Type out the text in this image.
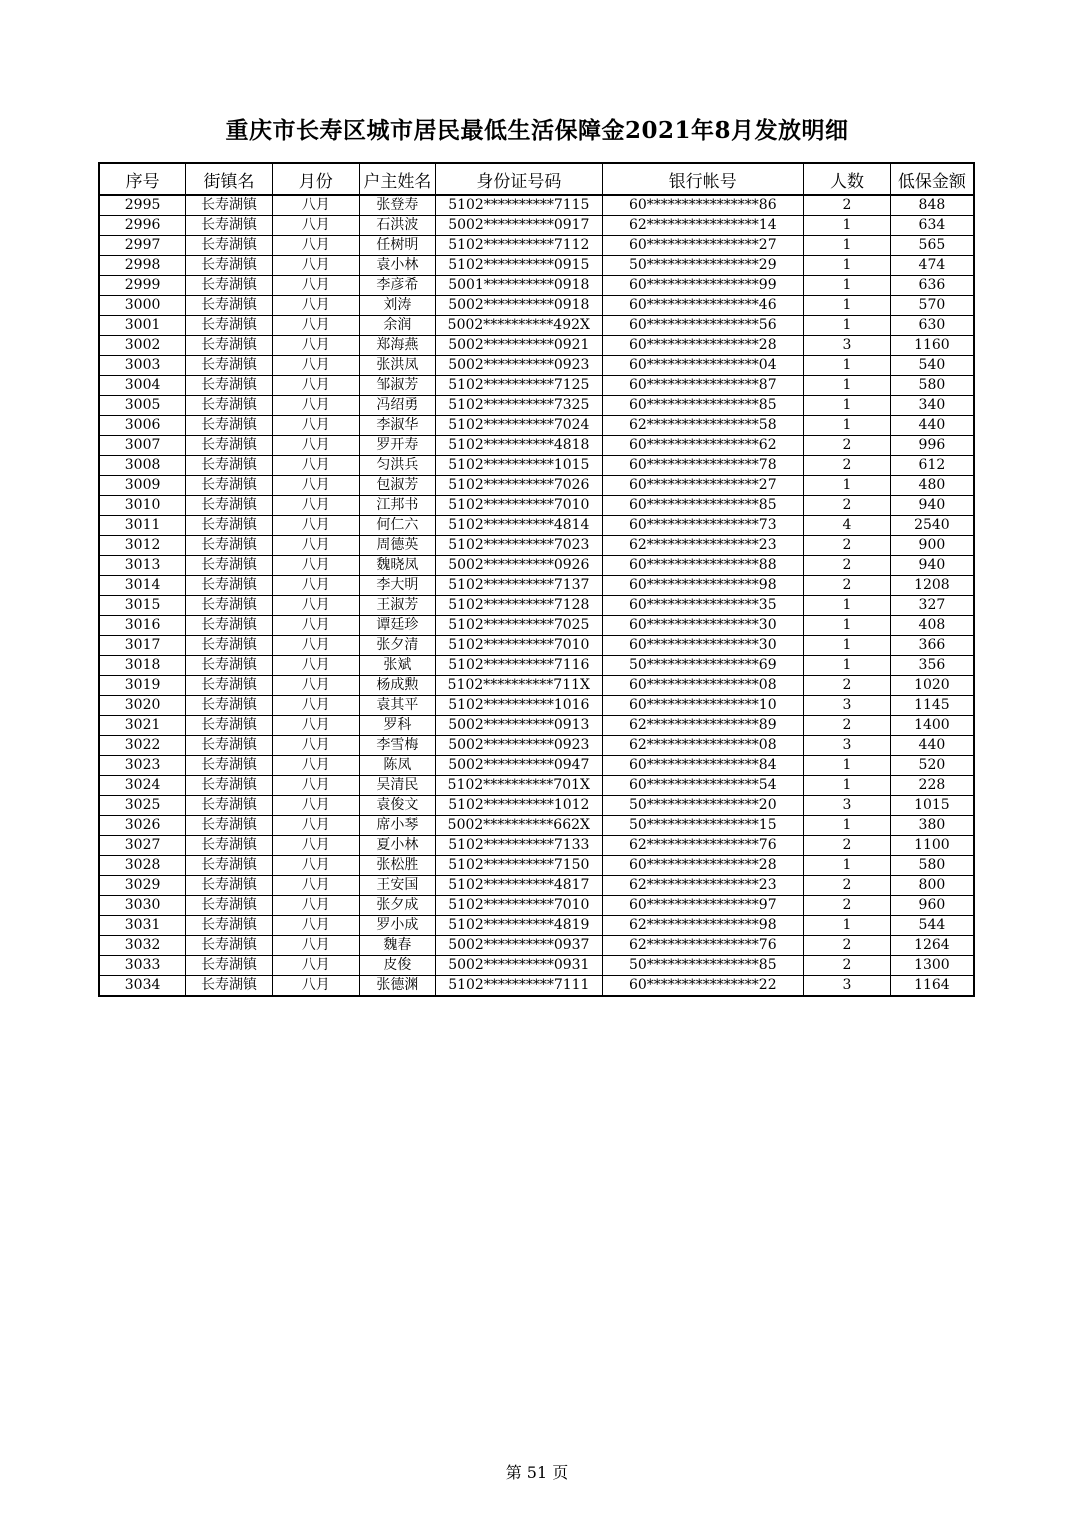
重庆市长寿区城市居民最低生活保障金2021年8月发放明细
序号	街镇名	月份	户主姓名	身份证号码	银行帐号	人数	低保金额
2995	长寿湖镇	八月	张登寿	5102**********7115	60****************86	2	848
2996	长寿湖镇	八月	石洪波	5002**********0917	62****************14	1	634
2997	长寿湖镇	八月	任树明	5102**********7112	60****************27	1	565
2998	长寿湖镇	八月	袁小林	5102**********0915	50****************29	1	474
2999	长寿湖镇	八月	李彦希	5001**********0918	60****************99	1	636
3000	长寿湖镇	八月	刘涛	5002**********0918	60****************46	1	570
3001	长寿湖镇	八月	余润	5002**********492X	60****************56	1	630
3002	长寿湖镇	八月	郑海燕	5002**********0921	60****************28	3	1160
3003	长寿湖镇	八月	张洪凤	5002**********0923	60****************04	1	540
3004	长寿湖镇	八月	邹淑芳	5102**********7125	60****************87	1	580
3005	长寿湖镇	八月	冯绍勇	5102**********7325	60****************85	1	340
3006	长寿湖镇	八月	李淑华	5102**********7024	62****************58	1	440
3007	长寿湖镇	八月	罗开寿	5102**********4818	60****************62	2	996
3008	长寿湖镇	八月	匀洪兵	5102**********1015	60****************78	2	612
3009	长寿湖镇	八月	包淑芳	5102**********7026	60****************27	1	480
3010	长寿湖镇	八月	江邦书	5102**********7010	60****************85	2	940
3011	长寿湖镇	八月	何仁六	5102**********4814	60****************73	4	2540
3012	长寿湖镇	八月	周德英	5102**********7023	62****************23	2	900
3013	长寿湖镇	八月	魏晓凤	5002**********0926	60****************88	2	940
3014	长寿湖镇	八月	李大明	5102**********7137	60****************98	2	1208
3015	长寿湖镇	八月	王淑芳	5102**********7128	60****************35	1	327
3016	长寿湖镇	八月	谭廷珍	5102**********7025	60****************30	1	408
3017	长寿湖镇	八月	张夕清	5102**********7010	60****************30	1	366
3018	长寿湖镇	八月	张斌	5102**********7116	50****************69	1	356
3019	长寿湖镇	八月	杨成勲	5102**********711X	60****************08	2	1020
3020	长寿湖镇	八月	袁其平	5102**********1016	60****************10	3	1145
3021	长寿湖镇	八月	罗科	5002**********0913	62****************89	2	1400
3022	长寿湖镇	八月	李雪梅	5002**********0923	62****************08	3	440
3023	长寿湖镇	八月	陈凤	5002**********0947	60****************84	1	520
3024	长寿湖镇	八月	吴清民	5102**********701X	60****************54	1	228
3025	长寿湖镇	八月	袁俊文	5102**********1012	50****************20	3	1015
3026	长寿湖镇	八月	席小琴	5002**********662X	50****************15	1	380
3027	长寿湖镇	八月	夏小林	5102**********7133	62****************76	2	1100
3028	长寿湖镇	八月	张松胜	5102**********7150	60****************28	1	580
3029	长寿湖镇	八月	王安国	5102**********4817	62****************23	2	800
3030	长寿湖镇	八月	张夕成	5102**********7010	60****************97	2	960
3031	长寿湖镇	八月	罗小成	5102**********4819	62****************98	1	544
3032	长寿湖镇	八月	魏春	5002**********0937	62****************76	2	1264
3033	长寿湖镇	八月	皮俊	5002**********0931	50****************85	2	1300
3034	长寿湖镇	八月	张德渊	5102**********7111	60****************22	3	1164
第 51 页
